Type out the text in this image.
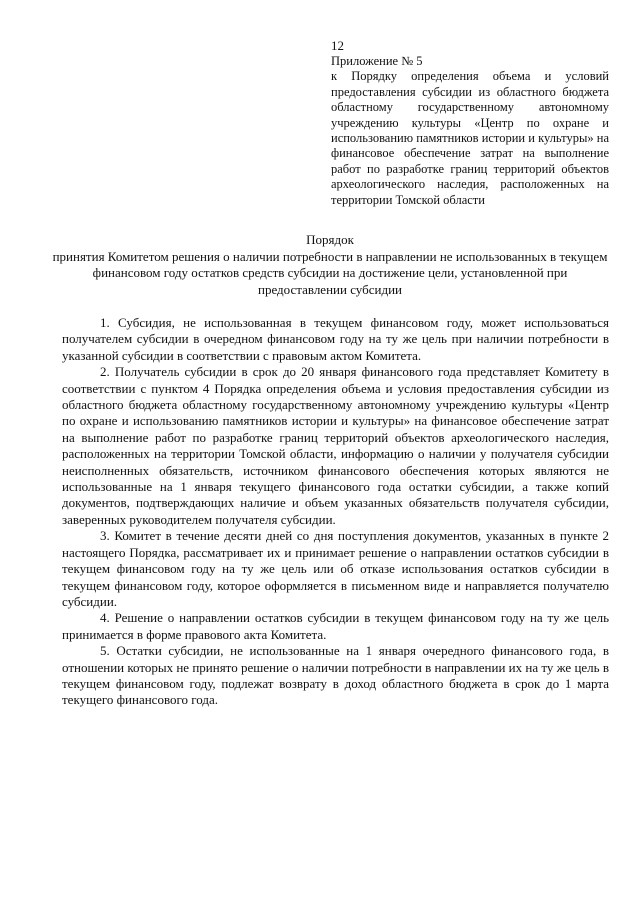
12
Приложение № 5
к Порядку определения объема и условий предоставления субсидии из областного бюджета областному государственному автономному учреждению культуры «Центр по охране и использованию памятников истории и культуры» на финансовое обеспечение затрат на выполнение работ по разработке границ территорий объектов археологического наследия, расположенных на территории Томской области
Порядок
принятия Комитетом решения о наличии потребности в направлении не использованных в текущем финансовом году остатков средств субсидии на достижение цели, установленной при предоставлении субсидии

1. Субсидия, не использованная в текущем финансовом году, может использоваться получателем субсидии в очередном финансовом году на ту же цель при наличии потребности в указанной субсидии в соответствии с правовым актом Комитета.

2. Получатель субсидии в срок до 20 января финансового года представляет Комитету в соответствии с пунктом 4 Порядка определения объема и условия предоставления субсидии из областного бюджета областному государственному автономному учреждению культуры «Центр по охране и использованию памятников истории и культуры» на финансовое обеспечение затрат на выполнение работ по разработке границ территорий объектов археологического наследия, расположенных на территории Томской области, информацию о наличии у получателя субсидии неисполненных обязательств, источником финансового обеспечения которых являются не использованные на 1 января текущего финансового года остатки субсидии, а также копий документов, подтверждающих наличие и объем указанных обязательств получателя субсидии, заверенных руководителем получателя субсидии.

3. Комитет в течение десяти дней со дня поступления документов, указанных в пункте 2 настоящего Порядка, рассматривает их и принимает решение о направлении остатков субсидии в текущем финансовом году на ту же цель или об отказе использования остатков субсидии в текущем финансовом году, которое оформляется в письменном виде и направляется получателю субсидии.

4. Решение о направлении остатков субсидии в текущем финансовом году на ту же цель принимается в форме правового акта Комитета.

5. Остатки субсидии, не использованные на 1 января очередного финансового года, в отношении которых не принято решение о наличии потребности в направлении их на ту же цель в текущем финансовом году, подлежат возврату в доход областного бюджета в срок до 1 марта текущего финансового года.
